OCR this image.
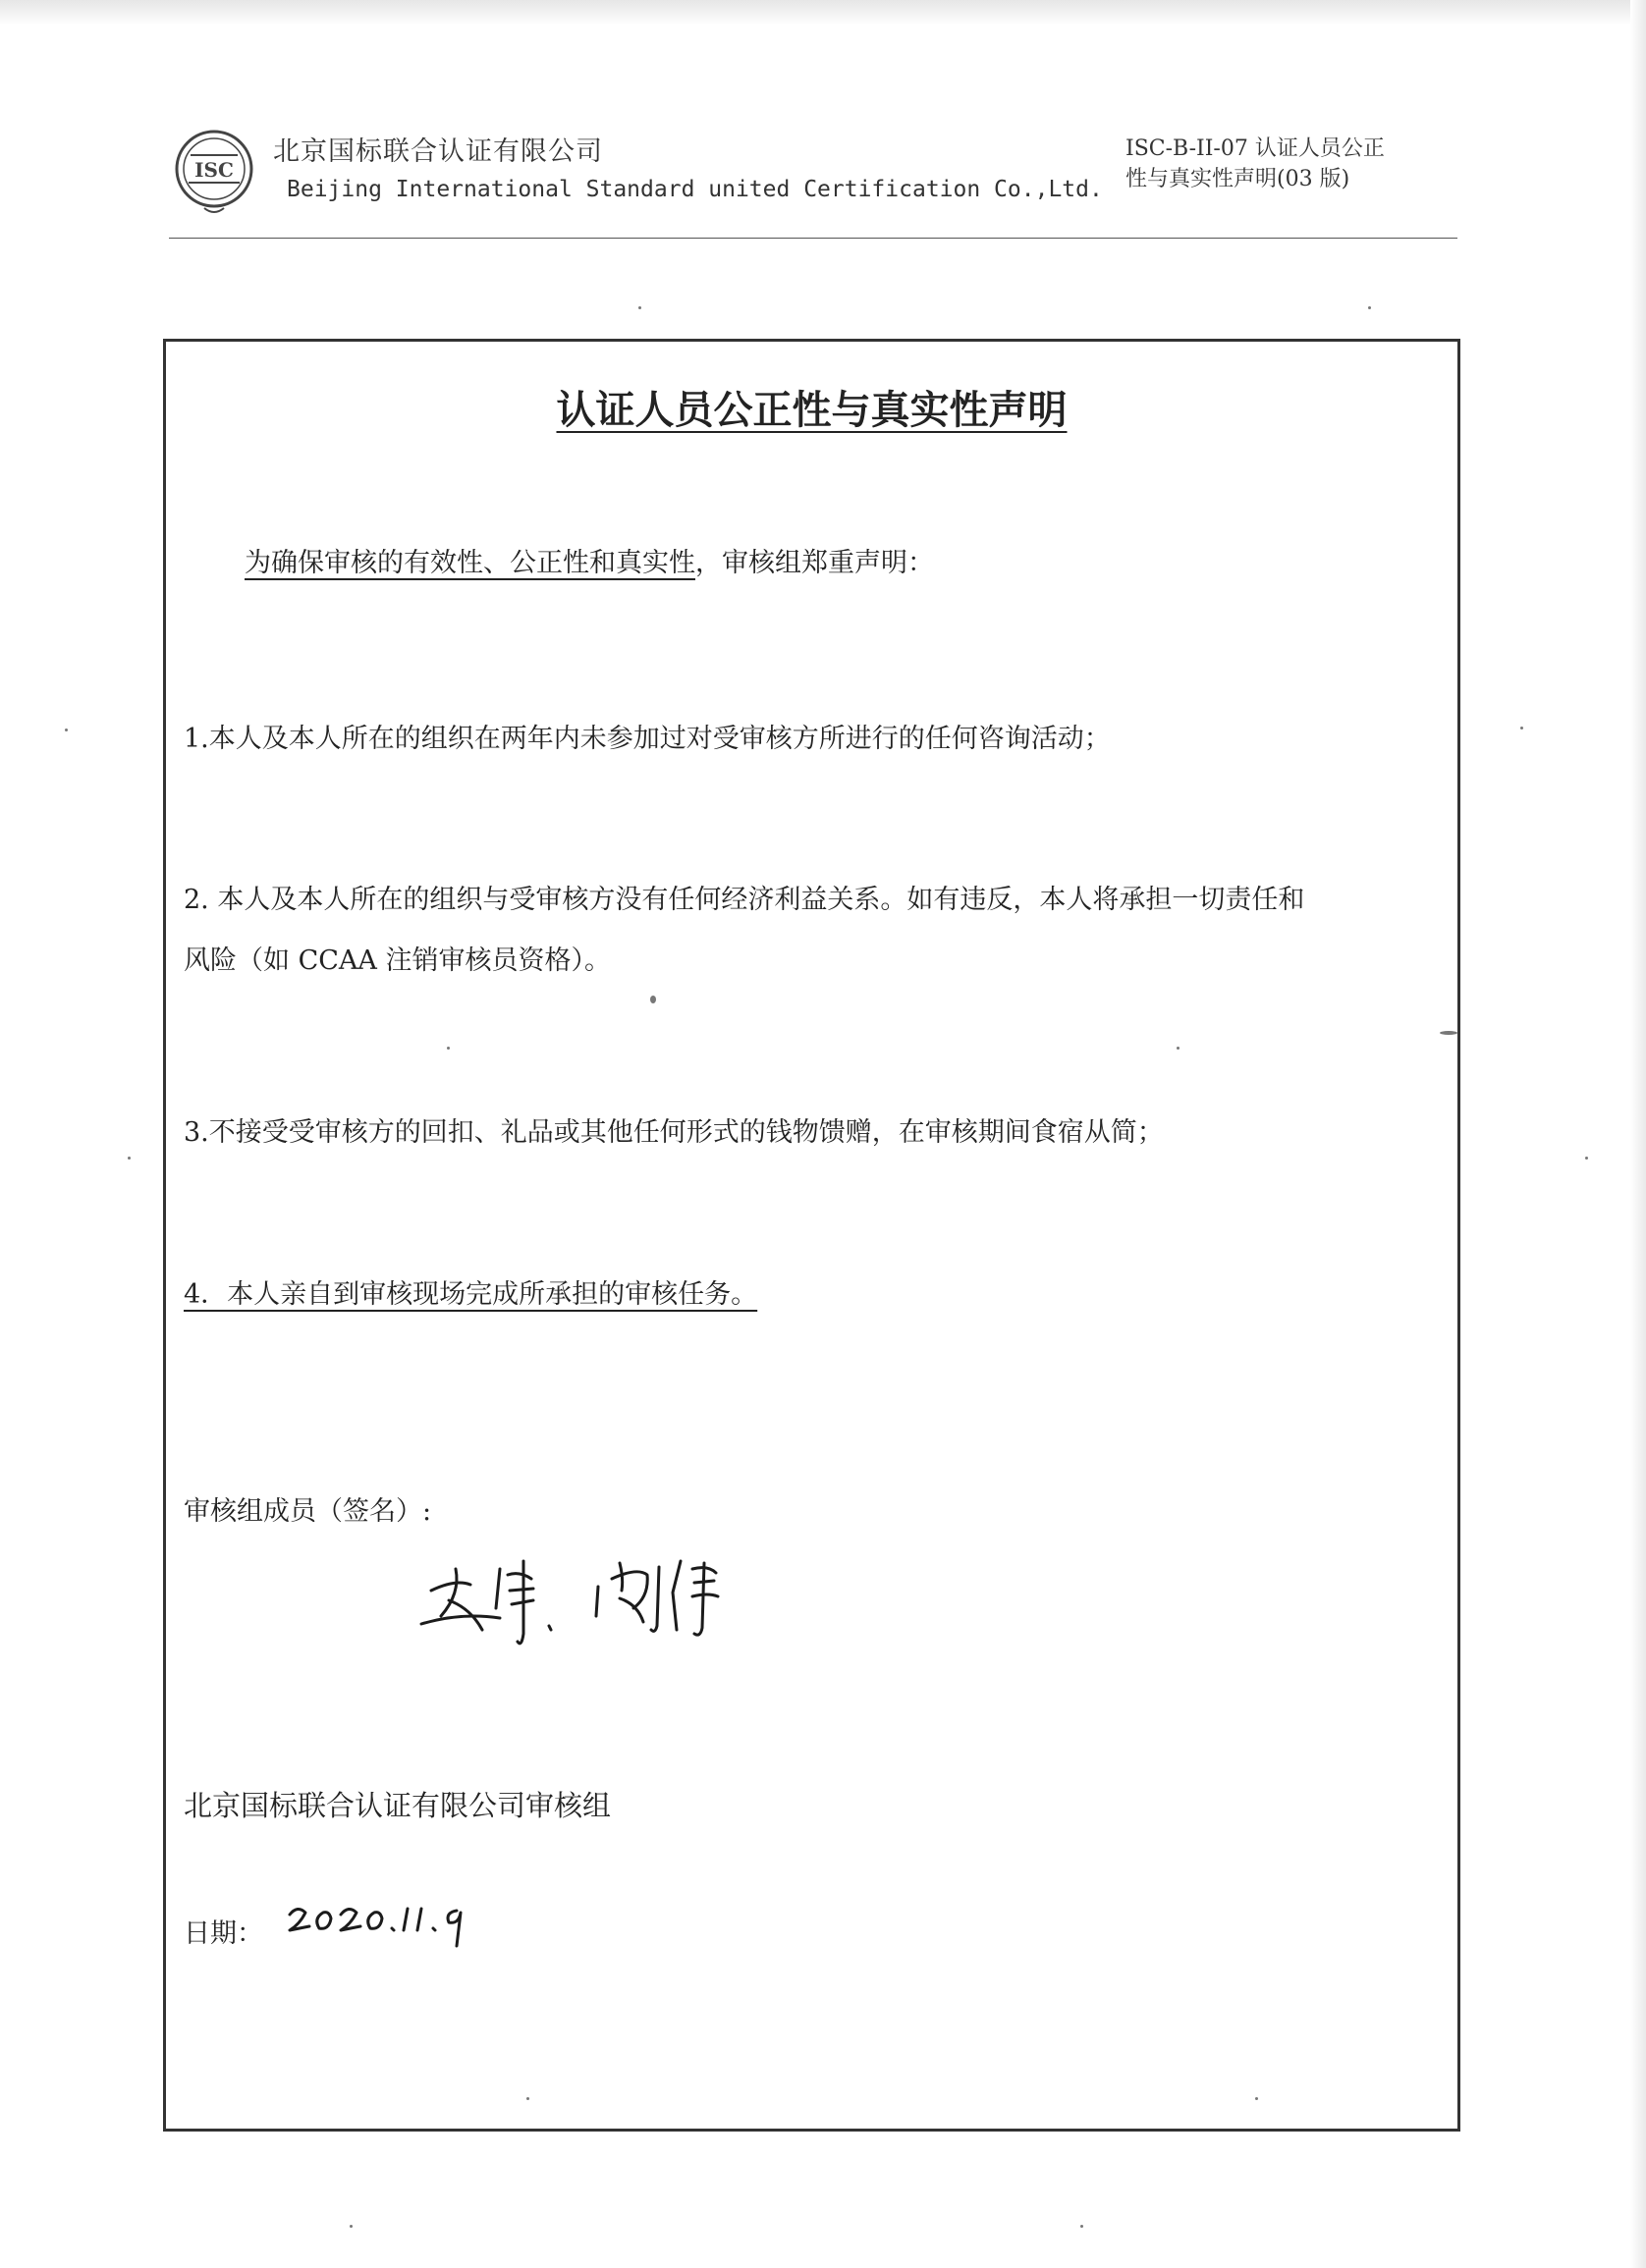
ISC
北京国标联合认证有限公司
Beijing International Standard united Certification Co.,Ltd.
ISC-B-II-07 认证人员公正
性与真实性声明(03 版)
认证人员公正性与真实性声明
为确保审核的有效性、公正性和真实性，审核组郑重声明：
1.本人及本人所在的组织在两年内未参加过对受审核方所进行的任何咨询活动；
2. 本人及本人所在的组织与受审核方没有任何经济利益关系。如有违反，本人将承担一切责任和
风险（如 CCAA 注销审核员资格）。
3.不接受受审核方的回扣、礼品或其他任何形式的钱物馈赠，在审核期间食宿从简；
4．本人亲自到审核现场完成所承担的审核任务。
审核组成员（签名）:
北京国标联合认证有限公司审核组
日期：
